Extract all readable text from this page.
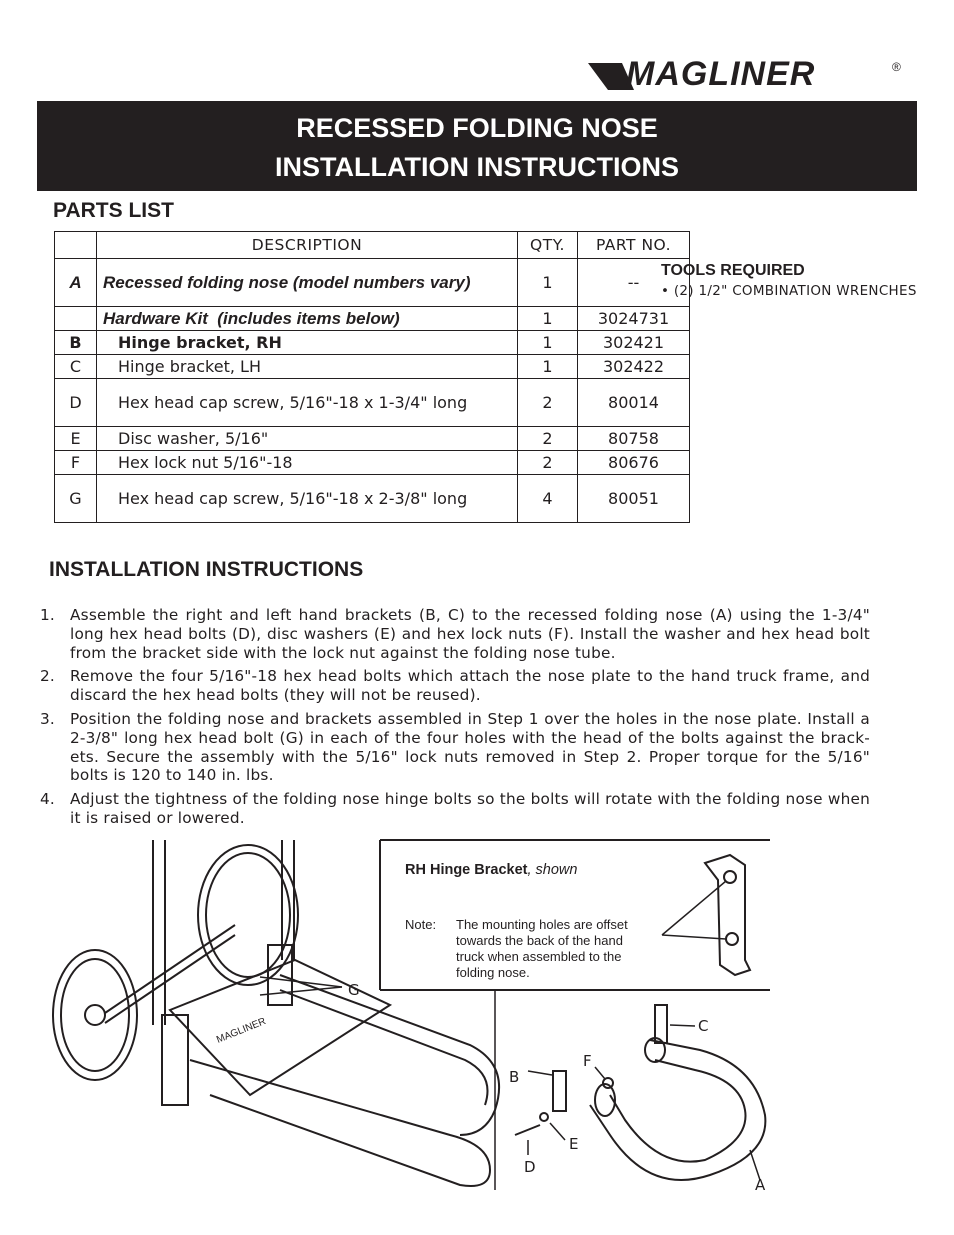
MAGLINER	®
RECESSED FOLDING NOSE
INSTALLATION INSTRUCTIONS
PARTS LIST
	DESCRIPTION	QTY.	PART NO.
A	Recessed folding nose (model numbers vary)	1	--
	Hardware Kit  (includes items below)	1	3024731
B	Hinge bracket, RH	1	302421
C	Hinge bracket, LH	1	302422
D	Hex head cap screw, 5/16"-18 x 1-3/4" long	2	80014
E	Disc washer, 5/16"	2	80758
F	Hex lock nut 5/16"-18	2	80676
G	Hex head cap screw, 5/16"-18 x 2-3/8" long	4	80051
TOOLS REQUIRED
• (2) 1/2" COMBINATION WRENCHES
INSTALLATION INSTRUCTIONS
1. Assemble the right and left hand brackets (B, C) to the recessed folding nose (A) using the 1-3/4" long hex head bolts (D), disc washers (E) and hex lock nuts (F). Install the washer and hex head bolt from the bracket side with the lock nut against the folding nose tube.
2. Remove the four 5/16"-18 hex head bolts which attach the nose plate to the hand truck frame, and discard the hex head bolts (they will not be reused).
3. Position the folding nose and brackets assembled in Step 1 over the holes in the nose plate. Install a 2-3/8" long hex head bolt (G) in each of the four holes with the head of the bolts against the brack-ets. Secure the assembly with the 5/16" lock nuts removed in Step 2. Proper torque for the 5/16" bolts is 120 to 140 in. lbs.
4. Adjust the tightness of the folding nose hinge bolts so the bolts will rotate with the folding nose when it is raised or lowered.
RH Hinge Bracket, shown
Note: The mounting holes are offset
towards the back of the hand
truck when assembled to the
folding nose.
MAGLINER
G
C
F
B
E
D
A
